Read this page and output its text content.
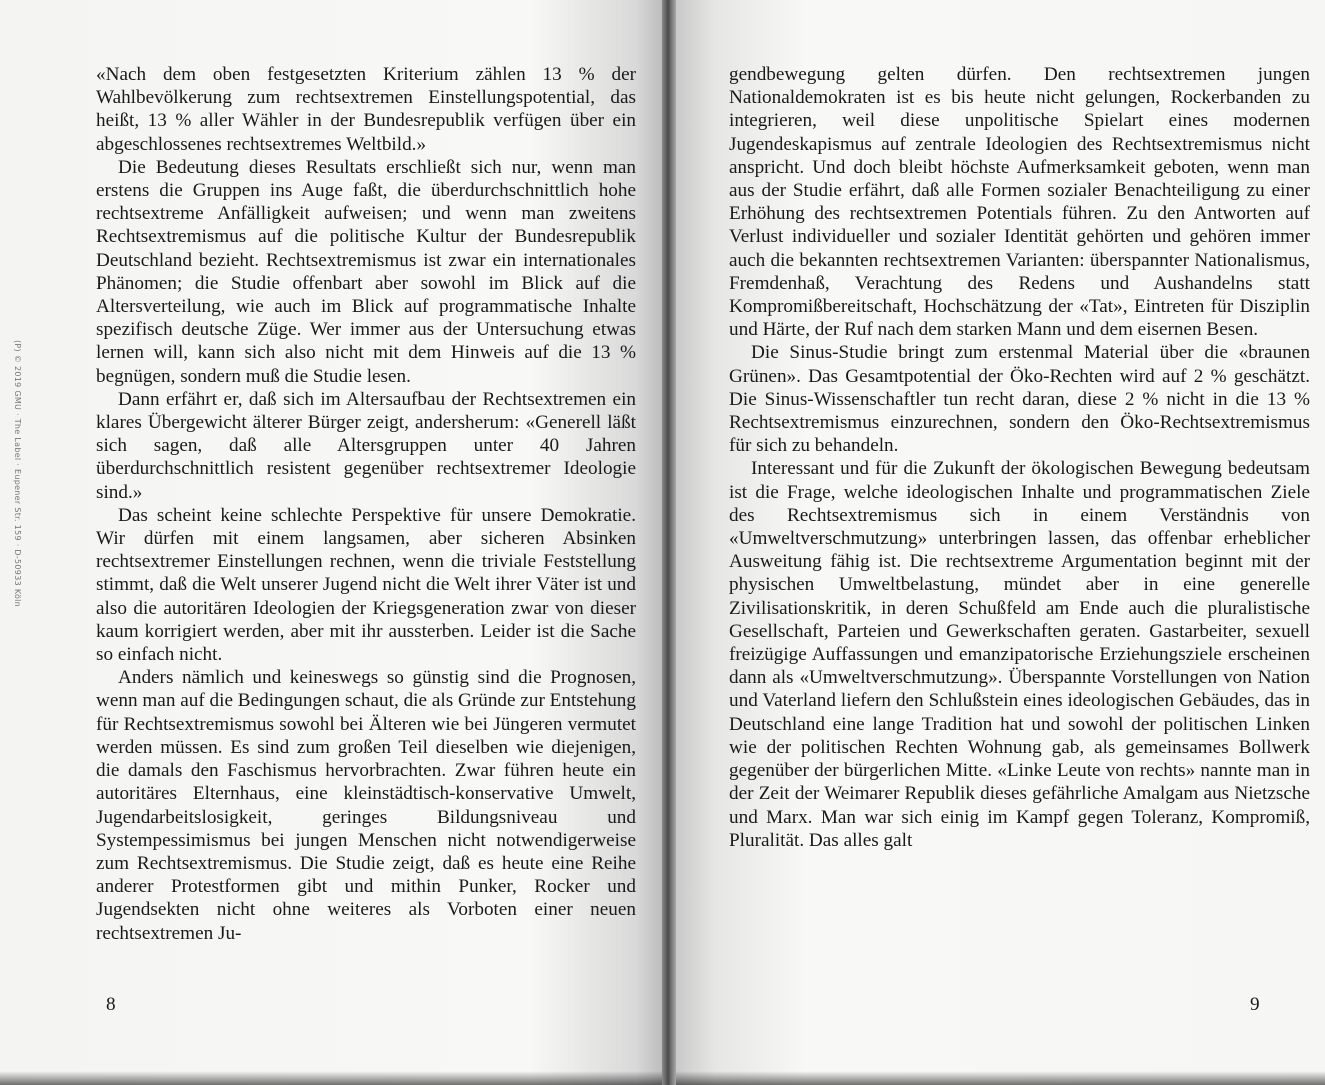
(P) © 2019 GMU · The Label · Eupener Str. 159 · D-50933 Köln

«Nach dem oben festgesetzten Kriterium zählen 13 % der Wahlbevölkerung zum rechtsextremen Einstellungspotential, das heißt, 13 % aller Wähler in der Bundesrepublik verfügen über ein abgeschlossenes rechtsextremes Weltbild.»

Die Bedeutung dieses Resultats erschließt sich nur, wenn man erstens die Gruppen ins Auge faßt, die überdurchschnittlich hohe rechtsextreme Anfälligkeit aufweisen; und wenn man zweitens Rechtsextremismus auf die politische Kultur der Bundesrepublik Deutschland bezieht. Rechtsextremismus ist zwar ein internationales Phänomen; die Studie offenbart aber sowohl im Blick auf die Altersverteilung, wie auch im Blick auf programmatische Inhalte spezifisch deutsche Züge. Wer immer aus der Untersuchung etwas lernen will, kann sich also nicht mit dem Hinweis auf die 13 % begnügen, sondern muß die Studie lesen.

Dann erfährt er, daß sich im Altersaufbau der Rechtsextremen ein klares Übergewicht älterer Bürger zeigt, andersherum: «Generell läßt sich sagen, daß alle Altersgruppen unter 40 Jahren überdurchschnittlich resistent gegenüber rechtsextremer Ideologie sind.»

Das scheint keine schlechte Perspektive für unsere Demokratie. Wir dürfen mit einem langsamen, aber sicheren Absinken rechtsextremer Einstellungen rechnen, wenn die triviale Feststellung stimmt, daß die Welt unserer Jugend nicht die Welt ihrer Väter ist und also die autoritären Ideologien der Kriegsgeneration zwar von dieser kaum korrigiert werden, aber mit ihr aussterben. Leider ist die Sache so einfach nicht.

Anders nämlich und keineswegs so günstig sind die Prognosen, wenn man auf die Bedingungen schaut, die als Gründe zur Entstehung für Rechtsextremismus sowohl bei Älteren wie bei Jüngeren vermutet werden müssen. Es sind zum großen Teil dieselben wie diejenigen, die damals den Faschismus hervorbrachten. Zwar führen heute ein autoritäres Elternhaus, eine kleinstädtisch-konservative Umwelt, Jugendarbeitslosigkeit, geringes Bildungsniveau und Systempessimismus bei jungen Menschen nicht notwendigerweise zum Rechtsextremismus. Die Studie zeigt, daß es heute eine Reihe anderer Protestformen gibt und mithin Punker, Rocker und Jugendsekten nicht ohne weiteres als Vorboten einer neuen rechtsextremen Ju-

8

gendbewegung gelten dürfen. Den rechtsextremen jungen Nationaldemokraten ist es bis heute nicht gelungen, Rockerbanden zu integrieren, weil diese unpolitische Spielart eines modernen Jugendeskapismus auf zentrale Ideologien des Rechtsextremismus nicht anspricht. Und doch bleibt höchste Aufmerksamkeit geboten, wenn man aus der Studie erfährt, daß alle Formen sozialer Benachteiligung zu einer Erhöhung des rechtsextremen Potentials führen. Zu den Antworten auf Verlust individueller und sozialer Identität gehörten und gehören immer auch die bekannten rechtsextremen Varianten: überspannter Nationalismus, Fremdenhaß, Verachtung des Redens und Aushandelns statt Kompromißbereitschaft, Hochschätzung der «Tat», Eintreten für Disziplin und Härte, der Ruf nach dem starken Mann und dem eisernen Besen.

Die Sinus-Studie bringt zum erstenmal Material über die «braunen Grünen». Das Gesamtpotential der Öko-Rechten wird auf 2 % geschätzt. Die Sinus-Wissenschaftler tun recht daran, diese 2 % nicht in die 13 % Rechtsextremismus einzurechnen, sondern den Öko-Rechtsextremismus für sich zu behandeln.

Interessant und für die Zukunft der ökologischen Bewegung bedeutsam ist die Frage, welche ideologischen Inhalte und programmatischen Ziele des Rechtsextremismus sich in einem Verständnis von «Umweltverschmutzung» unterbringen lassen, das offenbar erheblicher Ausweitung fähig ist. Die rechtsextreme Argumentation beginnt mit der physischen Umweltbelastung, mündet aber in eine generelle Zivilisationskritik, in deren Schußfeld am Ende auch die pluralistische Gesellschaft, Parteien und Gewerkschaften geraten. Gastarbeiter, sexuell freizügige Auffassungen und emanzipatorische Erziehungsziele erscheinen dann als «Umweltverschmutzung». Überspannte Vorstellungen von Nation und Vaterland liefern den Schlußstein eines ideologischen Gebäudes, das in Deutschland eine lange Tradition hat und sowohl der politischen Linken wie der politischen Rechten Wohnung gab, als gemeinsames Bollwerk gegenüber der bürgerlichen Mitte. «Linke Leute von rechts» nannte man in der Zeit der Weimarer Republik dieses gefährliche Amalgam aus Nietzsche und Marx. Man war sich einig im Kampf gegen Toleranz, Kompromiß, Pluralität. Das alles galt

9
